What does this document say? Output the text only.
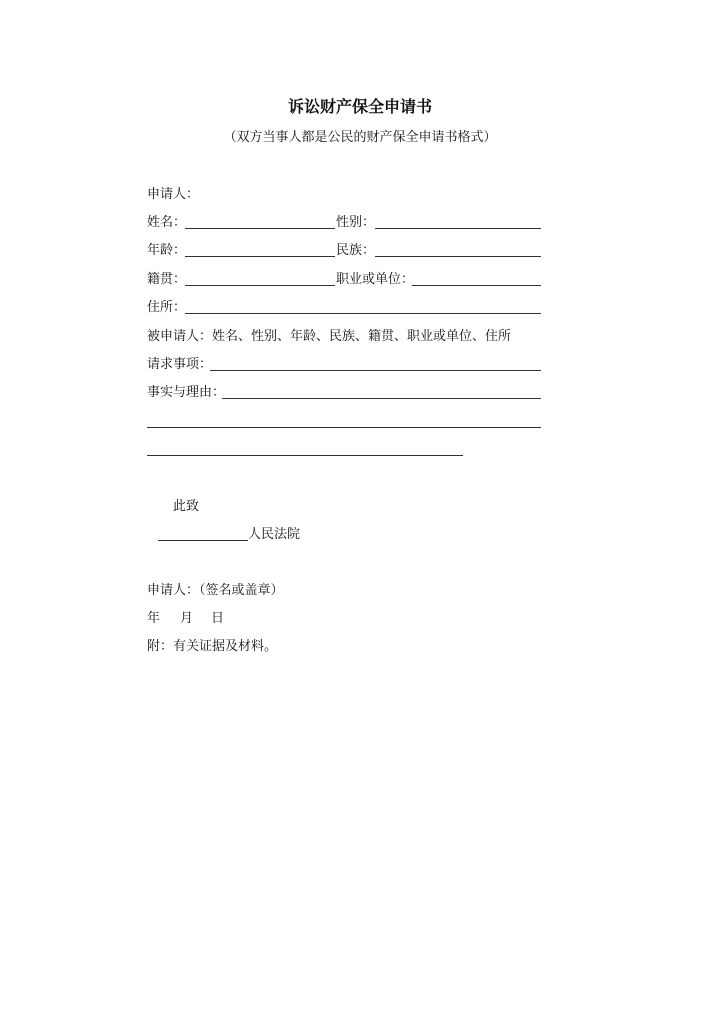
诉讼财产保全申请书
（双方当事人都是公民的财产保全申请书格式）
申请人：
姓名：	性别：
年龄：	民族：
籍贯：	职业或单位：
住所：
被申请人：姓名、性别、年龄、民族、籍贯、职业或单位、住所
请求事项：
事实与理由：
此致
人民法院
申请人：（签名或盖章）
年 月 日
附：有关证据及材料。
